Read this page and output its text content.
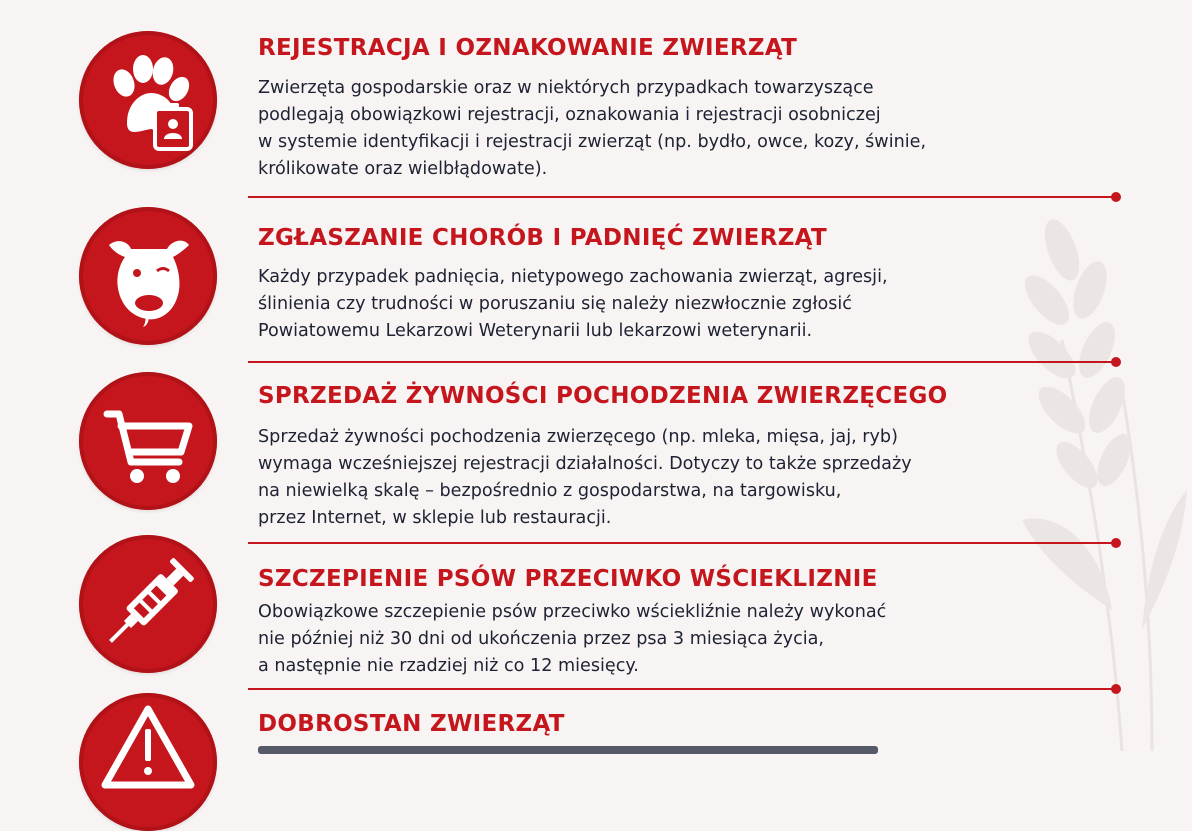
REJESTRACJA I OZNAKOWANIE ZWIERZĄT

Zwierzęta gospodarskie oraz w niektórych przypadkach towarzyszące
podlegają obowiązkowi rejestracji, oznakowania i rejestracji osobniczej
w systemie identyfikacji i rejestracji zwierząt (np. bydło, owce, kozy, świnie,
królikowate oraz wielbłądowate).

ZGŁASZANIE CHORÓB I PADNIĘĆ ZWIERZĄT

Każdy przypadek padnięcia, nietypowego zachowania zwierząt, agresji,
ślinienia czy trudności w poruszaniu się należy niezwłocznie zgłosić
Powiatowemu Lekarzowi Weterynarii lub lekarzowi weterynarii.

SPRZEDAŻ ŻYWNOŚCI POCHODZENIA ZWIERZĘCEGO

Sprzedaż żywności pochodzenia zwierzęcego (np. mleka, mięsa, jaj, ryb)
wymaga wcześniejszej rejestracji działalności. Dotyczy to także sprzedaży
na niewielką skalę – bezpośrednio z gospodarstwa, na targowisku,
przez Internet, w sklepie lub restauracji.

SZCZEPIENIE PSÓW PRZECIWKO WŚCIEKLIZNIE

Obowiązkowe szczepienie psów przeciwko wściekliźnie należy wykonać
nie później niż 30 dni od ukończenia przez psa 3 miesiąca życia,
a następnie nie rzadziej niż co 12 miesięcy.

DOBROSTAN ZWIERZĄT
